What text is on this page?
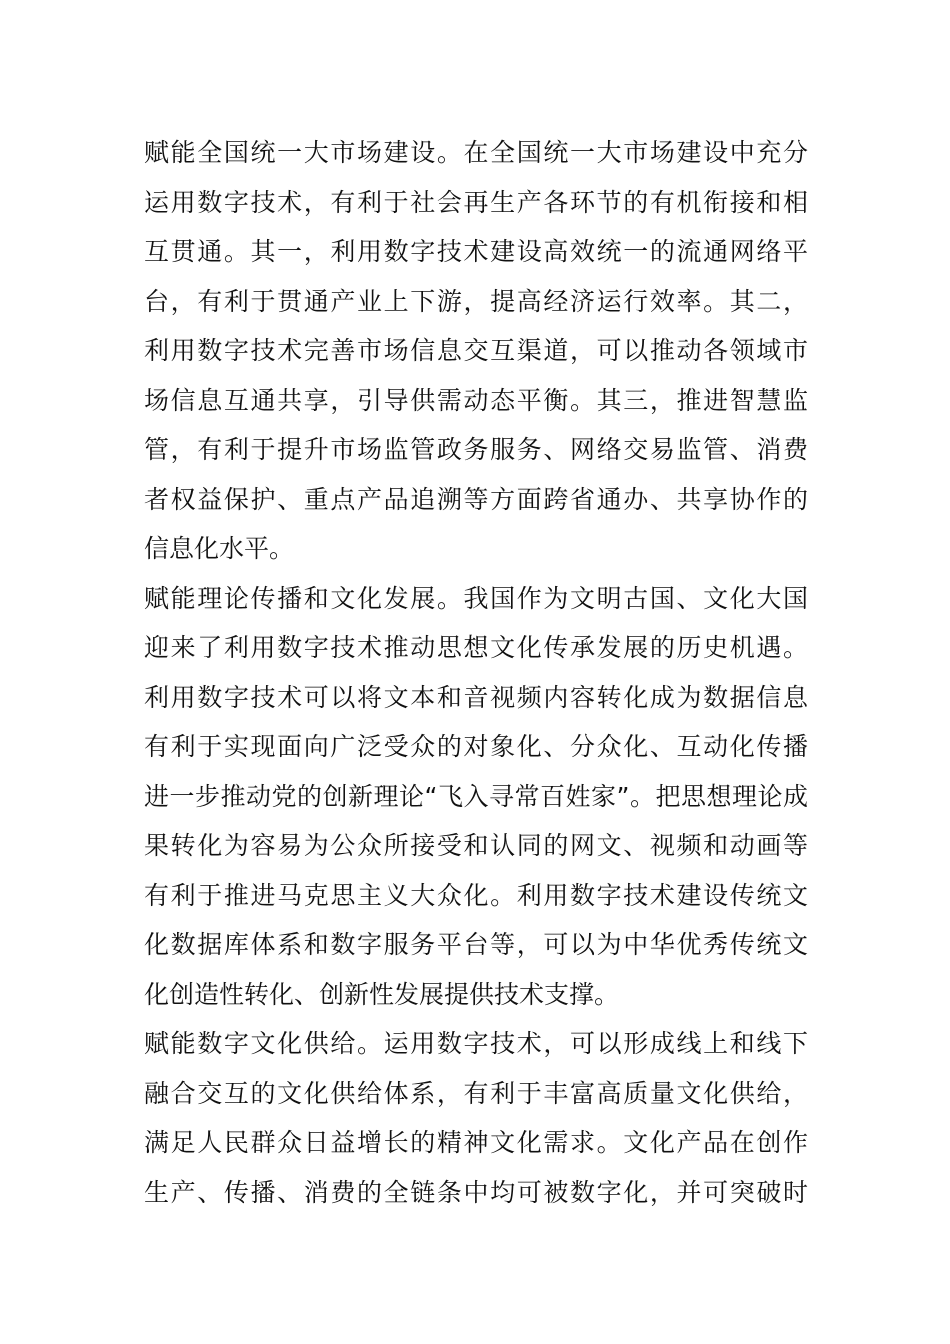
赋能全国统一大市场建设。在全国统一大市场建设中充分
运用数字技术，有利于社会再生产各环节的有机衔接和相
互贯通。其一，利用数字技术建设高效统一的流通网络平
台，有利于贯通产业上下游，提高经济运行效率。其二，
利用数字技术完善市场信息交互渠道，可以推动各领域市
场信息互通共享，引导供需动态平衡。其三，推进智慧监
管，有利于提升市场监管政务服务、网络交易监管、消费
者权益保护、重点产品追溯等方面跨省通办、共享协作的
信息化水平。
赋能理论传播和文化发展。我国作为文明古国、文化大国
迎来了利用数字技术推动思想文化传承发展的历史机遇。
利用数字技术可以将文本和音视频内容转化成为数据信息
有利于实现面向广泛受众的对象化、分众化、互动化传播
进一步推动党的创新理论“飞入寻常百姓家”。把思想理论成
果转化为容易为公众所接受和认同的网文、视频和动画等
有利于推进马克思主义大众化。利用数字技术建设传统文
化数据库体系和数字服务平台等，可以为中华优秀传统文
化创造性转化、创新性发展提供技术支撑。
赋能数字文化供给。运用数字技术，可以形成线上和线下
融合交互的文化供给体系，有利于丰富高质量文化供给，
满足人民群众日益增长的精神文化需求。文化产品在创作
生产、传播、消费的全链条中均可被数字化，并可突破时
